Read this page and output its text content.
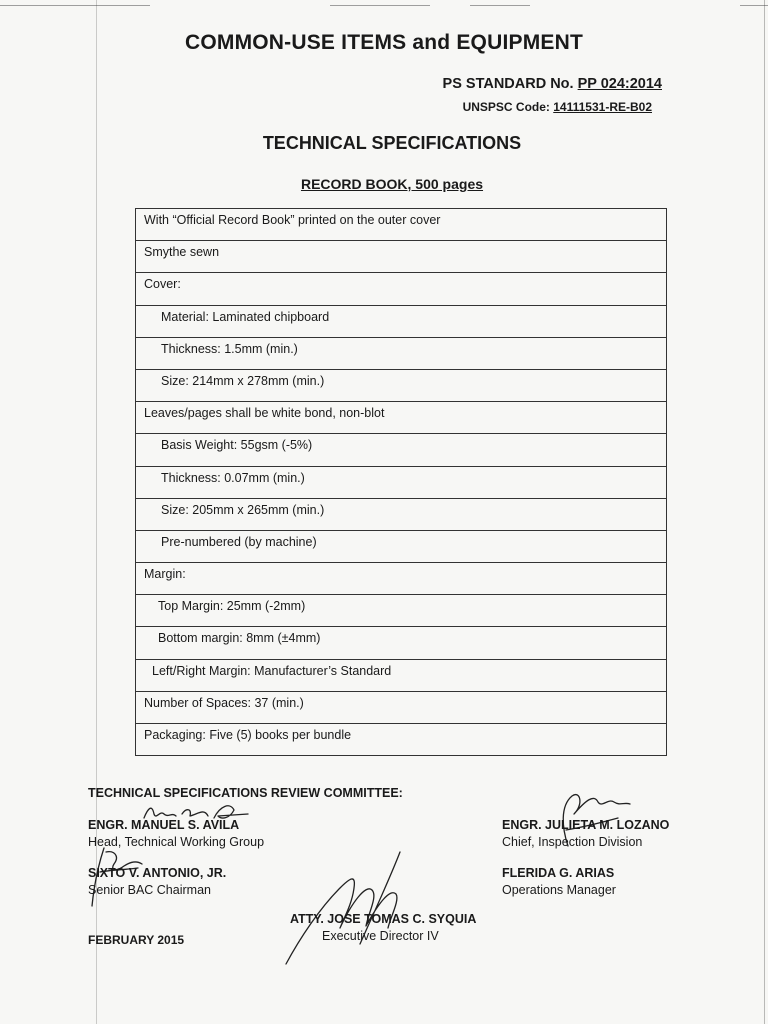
COMMON-USE ITEMS and EQUIPMENT
PS STANDARD No. PP 024:2014
UNSPSC Code: 14111531-RE-B02
TECHNICAL SPECIFICATIONS
RECORD BOOK, 500 pages
With “Official Record Book” printed on the outer cover
Smythe sewn
Cover:
Material: Laminated chipboard
Thickness: 1.5mm (min.)
Size: 214mm x 278mm (min.)
Leaves/pages shall be white bond, non-blot
Basis Weight: 55gsm (-5%)
Thickness: 0.07mm (min.)
Size: 205mm x 265mm (min.)
Pre-numbered (by machine)
Margin:
Top Margin: 25mm (-2mm)
Bottom margin: 8mm (±4mm)
Left/Right Margin: Manufacturer’s Standard
Number of Spaces: 37 (min.)
Packaging: Five (5) books per bundle
TECHNICAL SPECIFICATIONS REVIEW COMMITTEE:
ENGR. MANUEL S. AVILA
Head, Technical Working Group
SIXTO V. ANTONIO, JR.
Senior BAC Chairman
ENGR. JULIETA M. LOZANO
Chief, Inspection Division
FLERIDA G. ARIAS
Operations Manager
ATTY. JOSE TOMAS C. SYQUIA
Executive Director IV
FEBRUARY 2015
